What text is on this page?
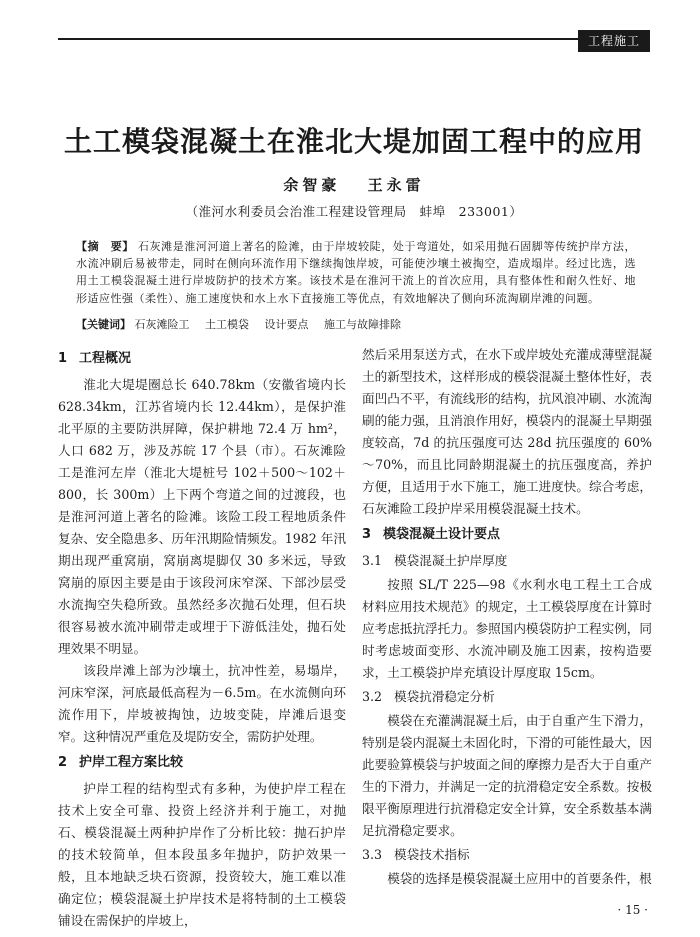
工程施工
土工模袋混凝土在淮北大堤加固工程中的应用

余智豪 王永雷

（淮河水利委员会治淮工程建设管理局　蚌埠　233001）

【摘　要】 石灰滩是淮河河道上著名的险滩，由于岸坡较陡，处于弯道处，如采用抛石固脚等传统护岸方法，水流冲刷后易被带走，同时在侧向环流作用下继续掏蚀岸坡，可能使沙壤土被掏空，造成塌岸。经过比选，选用土工模袋混凝土进行岸坡防护的技术方案。该技术是在淮河干流上的首次应用，具有整体性和耐久性好、地形适应性强（柔性）、施工速度快和水上水下直接施工等优点，有效地解决了侧向环流淘刷岸滩的问题。

【关键词】 石灰滩险工 土工模袋 设计要点 施工与故障排除

1 工程概况

淮北大堤堤圈总长 640.78km（安徽省境内长 628.34km，江苏省境内长 12.44km），是保护淮北平原的主要防洪屏障，保护耕地 72.4 万 hm²，人口 682 万，涉及苏皖 17 个县（市）。石灰滩险工是淮河左岸（淮北大堤桩号 102＋500～102＋800，长 300m）上下两个弯道之间的过渡段，也是淮河河道上著名的险滩。该险工段工程地质条件复杂、安全隐患多、历年汛期险情频发。1982 年汛期出现严重窝崩，窝崩离堤脚仅 30 多米远，导致窝崩的原因主要是由于该段河床窄深、下部沙层受水流掏空失稳所致。虽然经多次抛石处理，但石块很容易被水流冲刷带走或埋于下游低洼处，抛石处理效果不明显。

该段岸滩上部为沙壤土，抗冲性差，易塌岸，河床窄深，河底最低高程为－6.5m。在水流侧向环流作用下，岸坡被掏蚀，边坡变陡，岸滩后退变窄。这种情况严重危及堤防安全，需防护处理。

2 护岸工程方案比较

护岸工程的结构型式有多种，为使护岸工程在技术上安全可靠、投资上经济并利于施工，对抛石、模袋混凝土两种护岸作了分析比较：抛石护岸的技术较简单，但本段虽多年抛护，防护效果一般，且本地缺乏块石资源，投资较大，施工难以准确定位；模袋混凝土护岸技术是将特制的土工模袋铺设在需保护的岸坡上，

然后采用泵送方式，在水下或岸坡处充灌成薄壁混凝土的新型技术，这样形成的模袋混凝土整体性好，表面凹凸不平，有流线形的结构，抗风浪冲刷、水流淘刷的能力强，且消浪作用好，模袋内的混凝土早期强度较高，7d 的抗压强度可达 28d 抗压强度的 60%～70%，而且比同龄期混凝土的抗压强度高，养护方便，且适用于水下施工，施工进度快。综合考虑，石灰滩险工段护岸采用模袋混凝土技术。

3 模袋混凝土设计要点
3.1 模袋混凝土护岸厚度

按照 SL/T 225—98《水利水电工程土工合成材料应用技术规范》的规定，土工模袋厚度在计算时应考虑抵抗浮托力。参照国内模袋防护工程实例，同时考虑坡面变形、水流冲刷及施工因素，按构造要求，土工模袋护岸充填设计厚度取 15cm。

3.2 模袋抗滑稳定分析

模袋在充灌满混凝土后，由于自重产生下滑力，特别是袋内混凝土未固化时，下滑的可能性最大，因此要验算模袋与护坡面之间的摩擦力是否大于自重产生的下滑力，并满足一定的抗滑稳定安全系数。按极限平衡原理进行抗滑稳定安全计算，安全系数基本满足抗滑稳定要求。

3.3 模袋技术指标

模袋的选择是模袋混凝土应用中的首要条件，根

· 15 ·
